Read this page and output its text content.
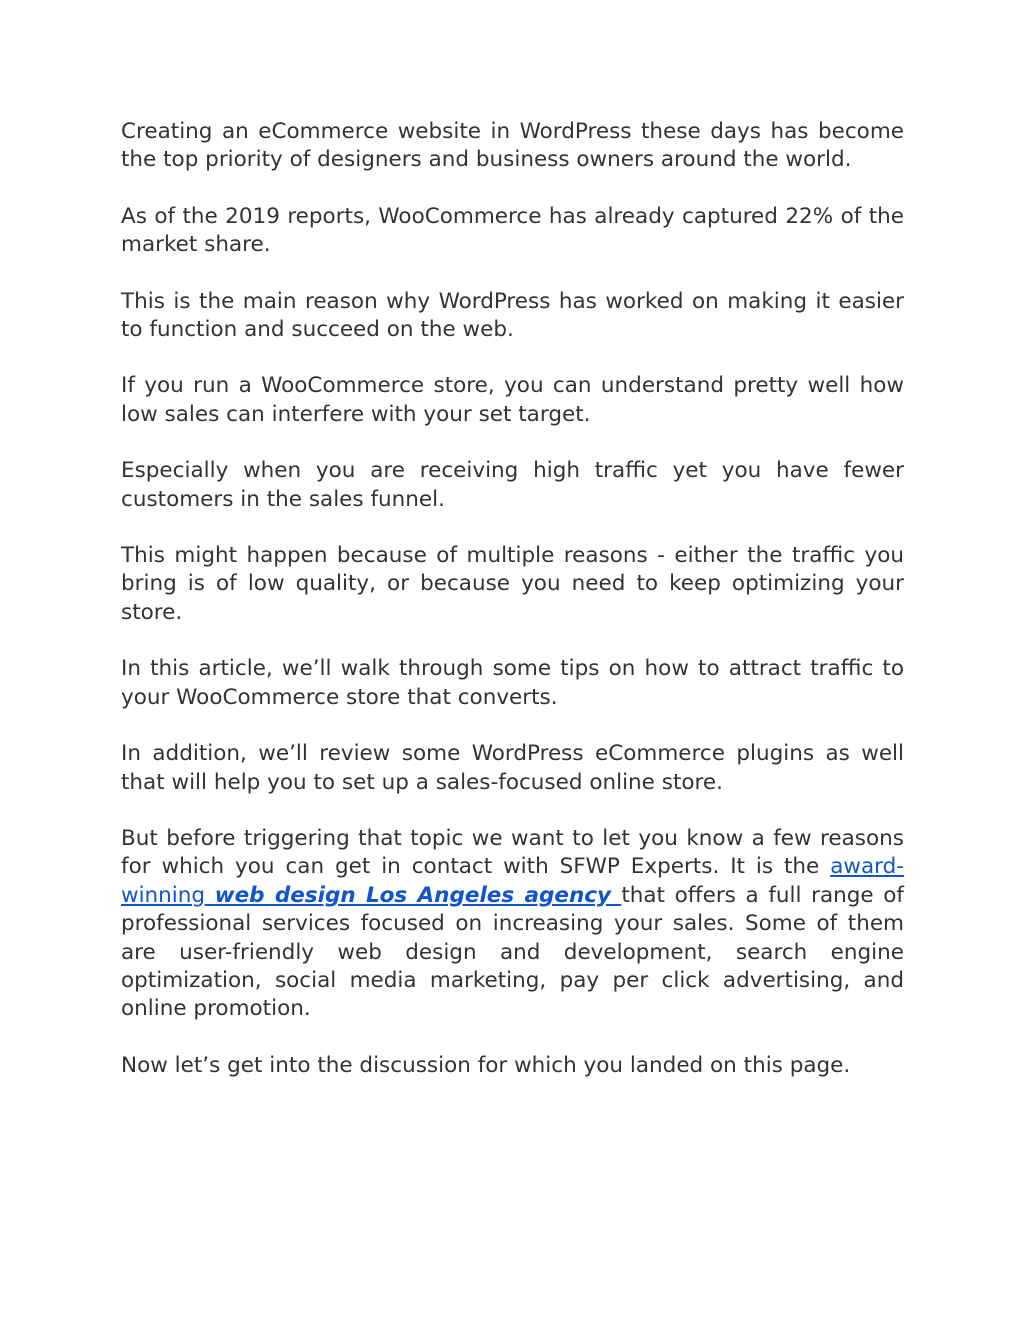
Creating an eCommerce website in WordPress these days has become the top priority of designers and business owners around the world.

As of the 2019 reports, WooCommerce has already captured 22% of the market share.

This is the main reason why WordPress has worked on making it easier to function and succeed on the web.

If you run a WooCommerce store, you can understand pretty well how low sales can interfere with your set target.

Especially when you are receiving high traffic yet you have fewer customers in the sales funnel.

This might happen because of multiple reasons - either the traffic you bring is of low quality, or because you need to keep optimizing your store.

In this article, we’ll walk through some tips on how to attract traffic to your WooCommerce store that converts.

In addition, we’ll review some WordPress eCommerce plugins as well that will help you to set up a sales-focused online store.

But before triggering that topic we want to let you know a few reasons for which you can get in contact with SFWP Experts. It is the award-winning web design Los Angeles agency that offers a full range of professional services focused on increasing your sales. Some of them are user-friendly web design and development, search engine optimization, social media marketing, pay per click advertising, and online promotion.

Now let’s get into the discussion for which you landed on this page.
